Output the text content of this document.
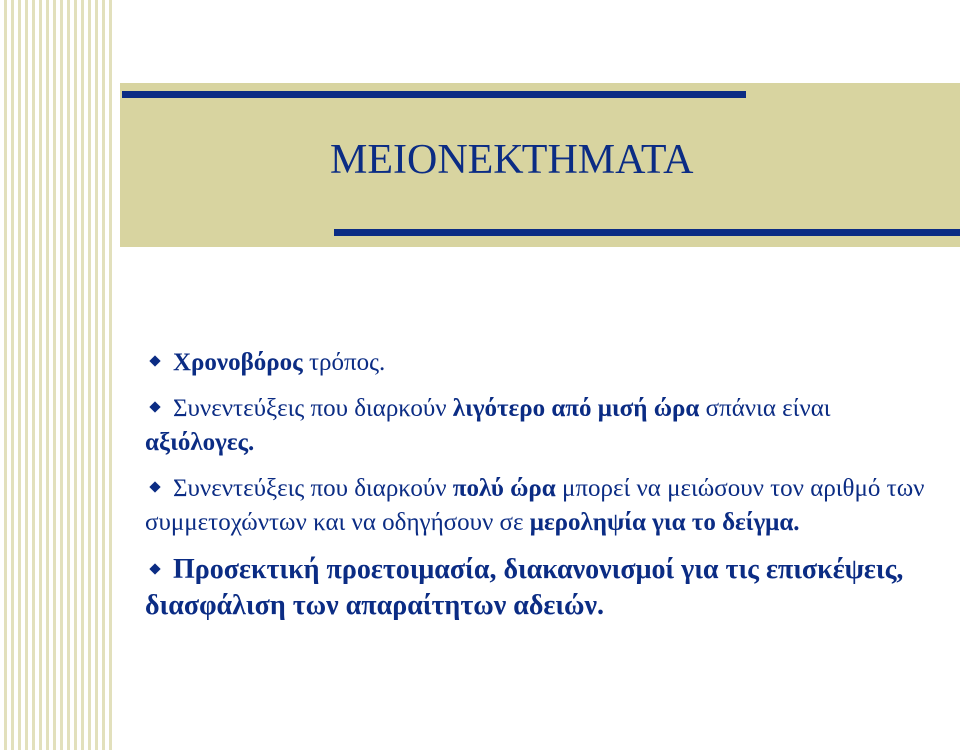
ΜΕΙΟΝΕΚΤΗΜΑΤΑ
Χρονοβόρος τρόπος.
Συνεντεύξεις που διαρκούν λιγότερο από μισή ώρα σπάνια είναι αξιόλογες.
Συνεντεύξεις που διαρκούν πολύ ώρα μπορεί να μειώσουν τον αριθμό των συμμετοχώντων και να οδηγήσουν σε μεροληψία για το δείγμα.
Προσεκτική προετοιμασία, διακανονισμοί για τις επισκέψεις, διασφάλιση των απαραίτητων αδειών.
